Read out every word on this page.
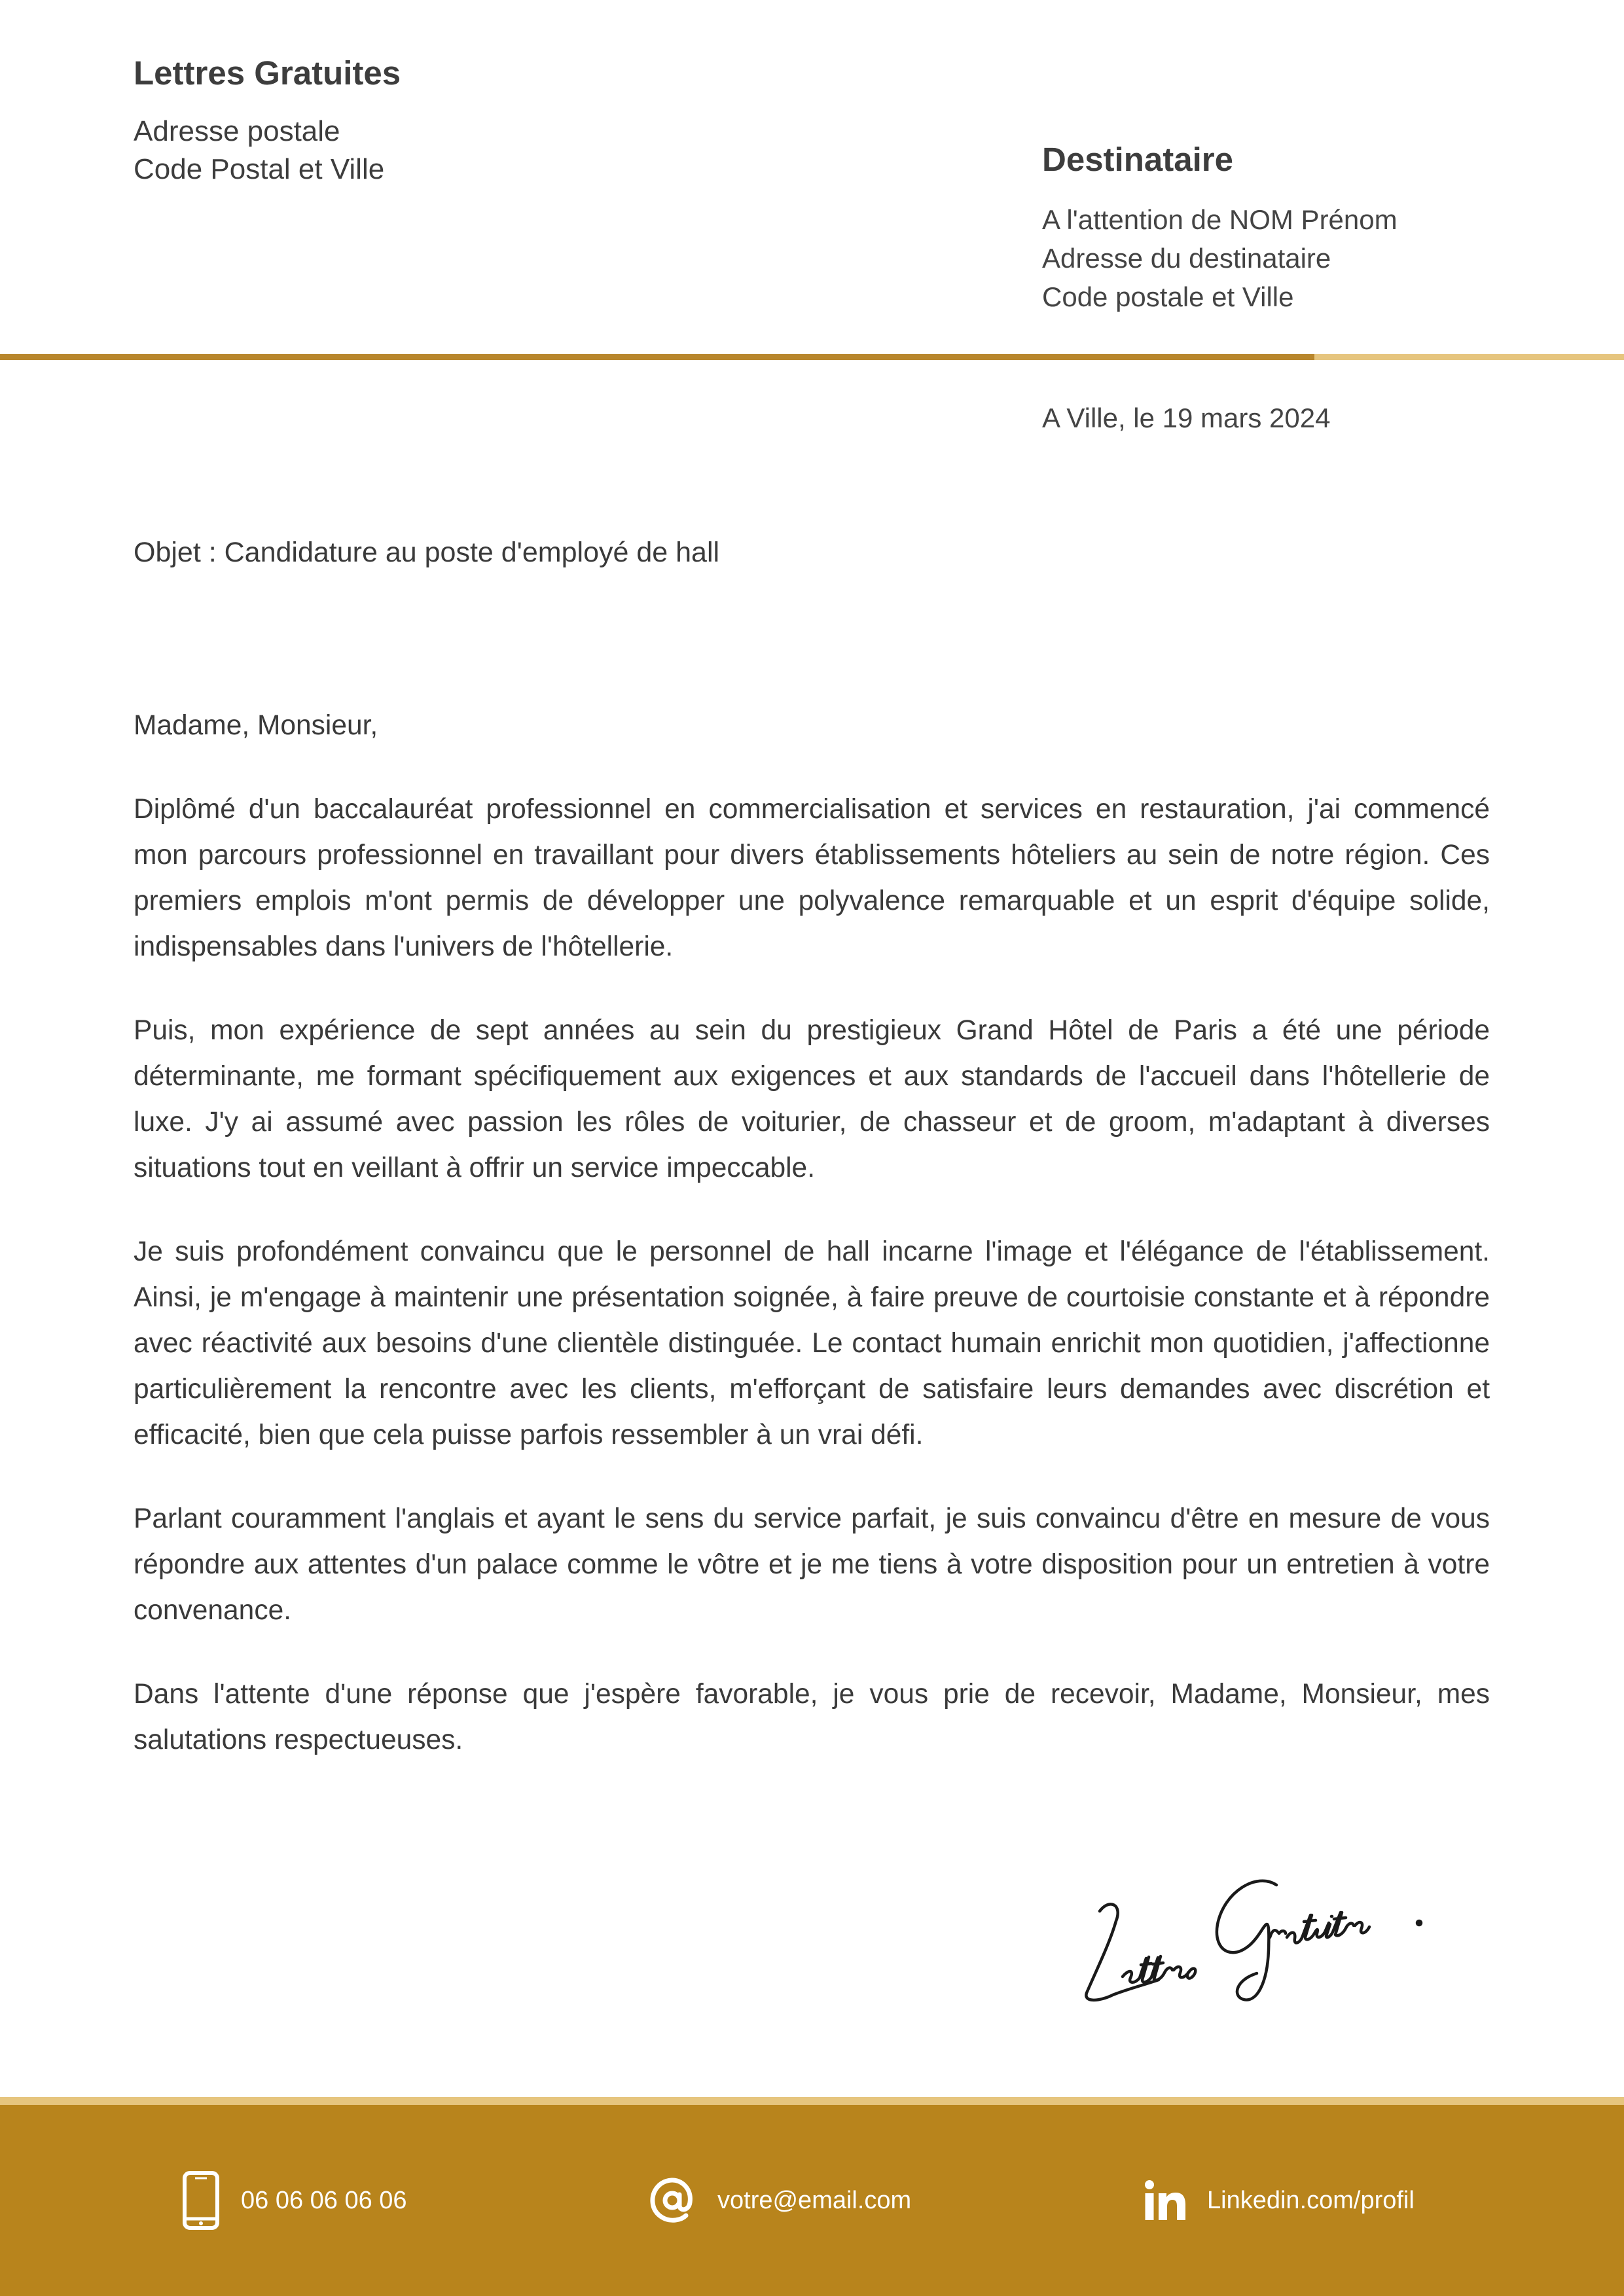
Lettres Gratuites
Adresse postale
Code Postal et Ville	Destinataire
A l'attention de NOM Prénom
Adresse du destinataire
Code postale et Ville
A Ville, le 19 mars 2024
Objet : Candidature au poste d'employé de hall
Madame, Monsieur,

Diplômé d'un baccalauréat professionnel en commercialisation et services en restauration, j'ai commencé mon parcours professionnel en travaillant pour divers établissements hôteliers au sein de notre région. Ces premiers emplois m'ont permis de développer une polyvalence remarquable et un esprit d'équipe solide, indispensables dans l'univers de l'hôtellerie.

Puis, mon expérience de sept années au sein du prestigieux Grand Hôtel de Paris a été une période déterminante, me formant spécifiquement aux exigences et aux standards de l'accueil dans l'hôtellerie de luxe. J'y ai assumé avec passion les rôles de voiturier, de chasseur et de groom, m'adaptant à diverses situations tout en veillant à offrir un service impeccable.

Je suis profondément convaincu que le personnel de hall incarne l'image et l'élégance de l'établissement. Ainsi, je m'engage à maintenir une présentation soignée, à faire preuve de courtoisie constante et à répondre avec réactivité aux besoins d'une clientèle distinguée. Le contact humain enrichit mon quotidien, j'affectionne particulièrement la rencontre avec les clients, m'efforçant de satisfaire leurs demandes avec discrétion et efficacité, bien que cela puisse parfois ressembler à un vrai défi.

Parlant couramment l'anglais et ayant le sens du service parfait, je suis convaincu d'être en mesure de vous répondre aux attentes d'un palace comme le vôtre et je me tiens à votre disposition pour un entretien à votre convenance.

Dans l'attente d'une réponse que j'espère favorable, je vous prie de recevoir, Madame, Monsieur, mes salutations respectueuses.

06 06 06 06 06	votre@email.com	Linkedin.com/profil
